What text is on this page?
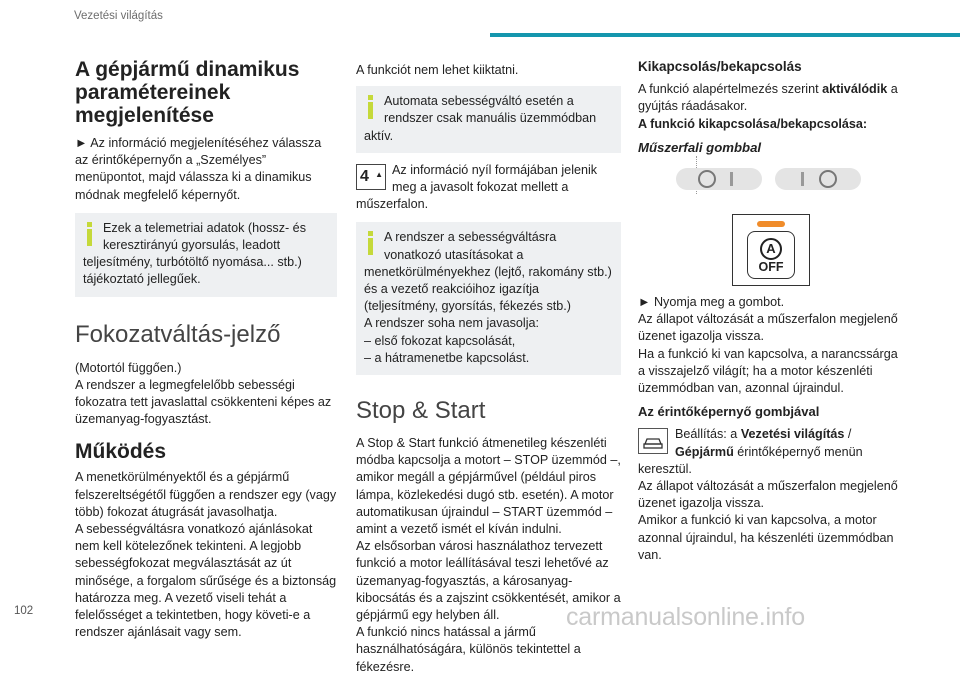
Vezetési világítás
A gépjármű dinamikus paramétereinek megjelenítése

► Az információ megjelenítéséhez válassza az érintőképernyőn a „Személyes” menüpontot, majd válassza ki a dinamikus módnak megfelelő képernyőt.

Ezek a telemetriai adatok (hossz- és keresztirányú gyorsulás, leadott teljesítmény, turbótöltő nyomása... stb.) tájékoztató jellegűek.
Fokozatváltás-jelző

(Motortól függően.)

A rendszer a legmegfelelőbb sebességi fokozatra tett javaslattal csökkenteni képes az üzemanyag-fogyasztást.

Működés

A menetkörülményektől és a gépjármű felszereltségétől függően a rendszer egy (vagy több) fokozat átugrását javasolhatja.

A sebességváltásra vonatkozó ajánlásokat nem kell kötelezőnek tekinteni. A legjobb sebességfokozat megválasztását az út minősége, a forgalom sűrűsége és a biztonság határozza meg. A vezető viseli tehát a felelősséget a tekintetben, hogy követi-e a rendszer ajánlásait vagy sem.

A funkciót nem lehet kiiktatni.

Automata sebességváltó esetén a rendszer csak manuális üzemmódban aktív.
4 ▲ Az információ nyíl formájában jelenik meg a javasolt fokozat mellett a műszerfalon.
A rendszer a sebességváltásra vonatkozó utasításokat a menetkörülményekhez (lejtő, rakomány stb.) és a vezető reakcióihoz igazítja (teljesítmény, gyorsítás, fékezés stb.)

A rendszer soha nem javasolja:

– első fokozat kapcsolását,

– a hátramenetbe kapcsolást.

Stop & Start

A Stop & Start funkció átmenetileg készenléti módba kapcsolja a motort – STOP üzemmód –, amikor megáll a gépjárművel (például piros lámpa, közlekedési dugó stb. esetén). A motor automatikusan újraindul – START üzemmód – amint a vezető ismét el kíván indulni.

Az elsősorban városi használathoz tervezett funkció a motor leállításával teszi lehetővé az üzemanyag-fogyasztás, a károsanyag-kibocsátás és a zajszint csökkentését, amikor a gépjármű egy helyben áll.

A funkció nincs hatással a jármű használhatóságára, különös tekintettel a fékezésre.

Kikapcsolás/bekapcsolás

A funkció alapértelmezés szerint aktiválódik a gyújtás ráadásakor.

A funkció kikapcsolása/bekapcsolása:

Műszerfali gombbal
A
OFF

► Nyomja meg a gombot.

Az állapot változását a műszerfalon megjelenő üzenet igazolja vissza.

Ha a funkció ki van kapcsolva, a narancssárga a visszajelző világít; ha a motor készenléti üzemmódban van, azonnal újraindul.

Az érintőképernyő gombjával
Beállítás: a Vezetési világítás / Gépjármű érintőképernyő menün keresztül.

Az állapot változását a műszerfalon megjelenő üzenet igazolja vissza.

Amikor a funkció ki van kapcsolva, a motor azonnal újraindul, ha készenléti üzemmódban van.

102	carmanualsonline.info
